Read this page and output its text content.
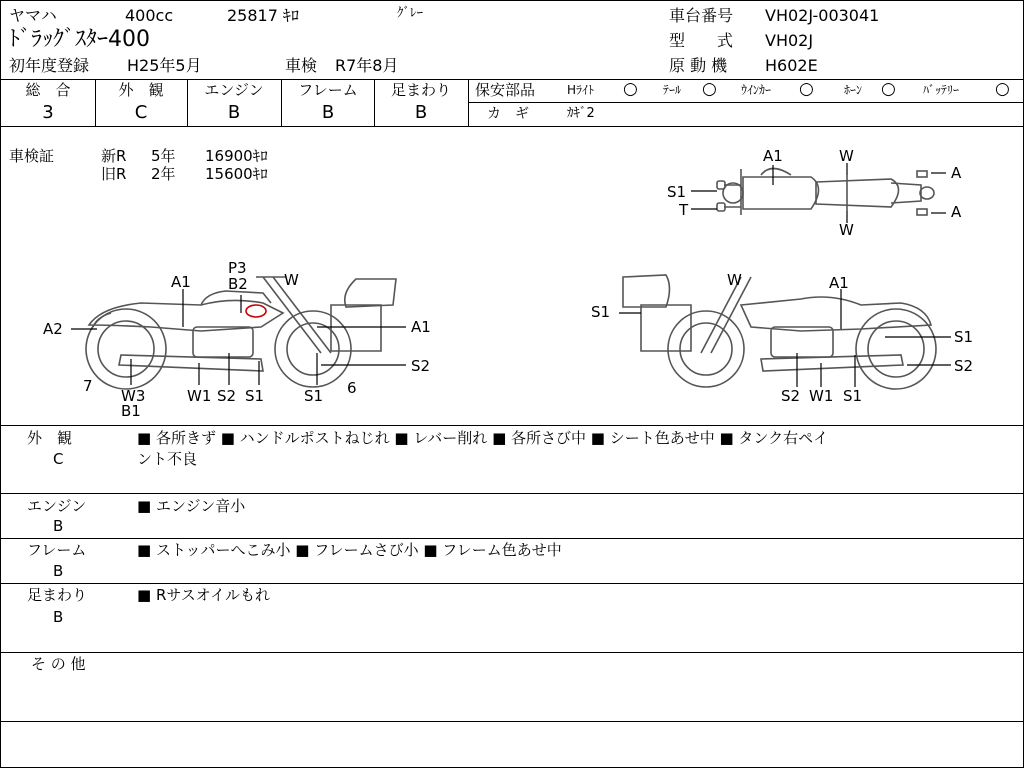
ヤマハ	400cc	25817 ｷﾛ	ｸﾞﾚｰ
ﾄﾞﾗｯｸﾞｽﾀｰ400
初年度登録 H25年5月	車検 R7年8月
車台番号 VH02J-003041
型　　式 VH02J
原 動 機 H602E
総　合	外　観	エンジン	フレーム	足まわり
3	C	B	B	B
保安部品	Hﾗｲﾄ ○ ﾃｰﾙ ○ ｳｲﾝｶｰ ○	ﾎｰﾝ ○ ﾊﾞｯﾃﾘｰ ○
カ　ギ	ｶｷﾞ2
車検証	新R 5年 16900ｷﾛ
旧R 2年 15600ｷﾛ
A1	W
S1
T
A
A
W
P3
B2 W
A1
A2	A1
S2
7
W3
B1
W1 S2 S1	S1 6
W	A1
S1
S1
S2
S2 W1 S1
外　観
C
■ 各所きず ■ ハンドルポストねじれ ■ レバー削れ ■ 各所さび中 ■ シート色あせ中 ■ タンク右ペイ
ント不良
エンジン
B
■ エンジン音小
フレーム
B
■ ストッパーへこみ小 ■ フレームさび小 ■ フレーム色あせ中
足まわり
B
■ Rサスオイルもれ
そ の 他
